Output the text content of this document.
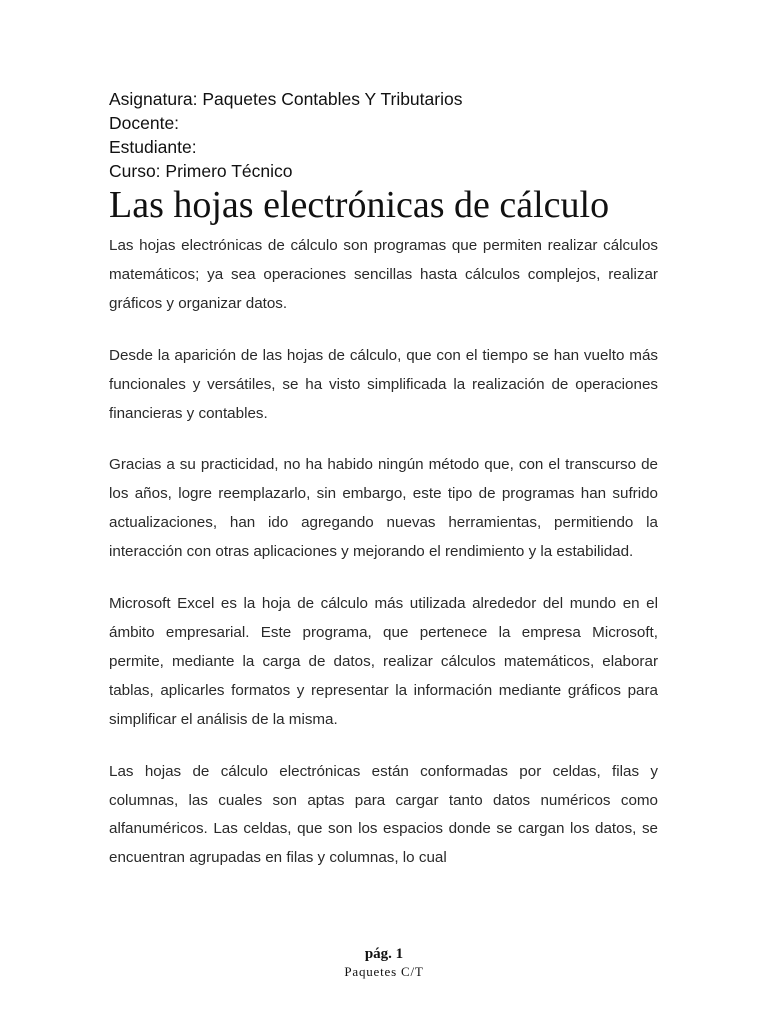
Asignatura: Paquetes Contables Y Tributarios
Docente:
Estudiante:
Curso: Primero Técnico
Las hojas electrónicas de cálculo

Las hojas electrónicas de cálculo son programas que permiten realizar cálculos matemáticos; ya sea operaciones sencillas hasta cálculos complejos, realizar gráficos y organizar datos.

Desde la aparición de las hojas de cálculo, que con el tiempo se han vuelto más funcionales y versátiles, se ha visto simplificada la realización de operaciones financieras y contables.

Gracias a su practicidad, no ha habido ningún método que, con el transcurso de los años, logre reemplazarlo, sin embargo, este tipo de programas han sufrido actualizaciones, han ido agregando nuevas herramientas, permitiendo la interacción con otras aplicaciones y mejorando el rendimiento y la estabilidad.

Microsoft Excel es la hoja de cálculo más utilizada alrededor del mundo en el ámbito empresarial. Este programa, que pertenece la empresa Microsoft, permite, mediante la carga de datos, realizar cálculos matemáticos, elaborar tablas, aplicarles formatos y representar la información mediante gráficos para simplificar el análisis de la misma.

Las hojas de cálculo electrónicas están conformadas por celdas, filas y columnas, las cuales son aptas para cargar tanto datos numéricos como alfanuméricos. Las celdas, que son los espacios donde se cargan los datos, se encuentran agrupadas en filas y columnas, lo cual

pág. 1
Paquetes C/T
